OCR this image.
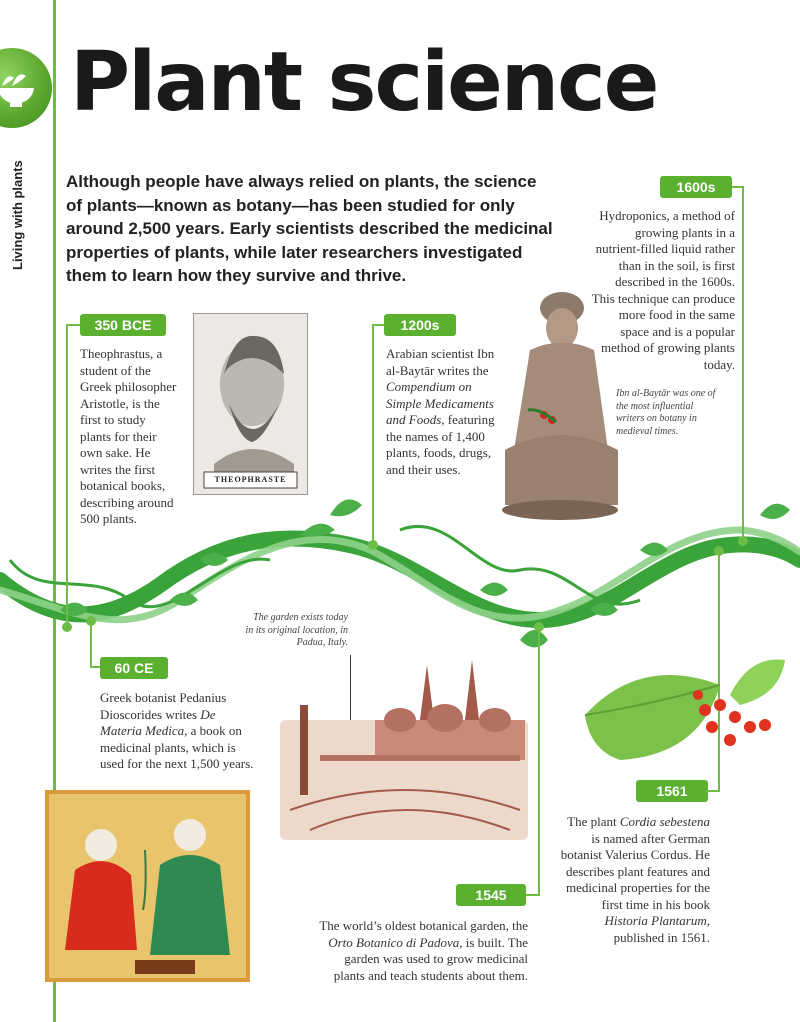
Living with plants
Plant science
Although people have always relied on plants, the science of plants—known as botany—has been studied for only around 2,500 years. Early scientists described the medicinal properties of plants, while later researchers investigated them to learn how they survive and thrive.
350 BCE
Theophrastus, a student of the Greek philosopher Aristotle, is the first to study plants for their own sake. He writes the first botanical books, describing around 500 plants.
THEOPHRASTE
60 CE
Greek botanist Pedanius Dioscorides writes De Materia Medica, a book on medicinal plants, which is used for the next 1,500 years.
1200s
Arabian scientist Ibn al-Baytār writes the Compendium on Simple Medicaments and Foods, featuring the names of 1,400 plants, foods, drugs, and their uses.
Ibn al-Baytār was one of the most influential writers on botany in medieval times.
The garden exists today in its original location, in Padua, Italy.
1545
The world’s oldest botanical garden, the Orto Botanico di Padova, is built. The garden was used to grow medicinal plants and teach students about them.
1561
The plant Cordia sebestena is named after German botanist Valerius Cordus. He describes plant features and medicinal properties for the first time in his book Historia Plantarum, published in 1561.
1600s
Hydroponics, a method of growing plants in a nutrient-filled liquid rather than in the soil, is first described in the 1600s. This technique can produce more food in the same space and is a popular method of growing plants today.
